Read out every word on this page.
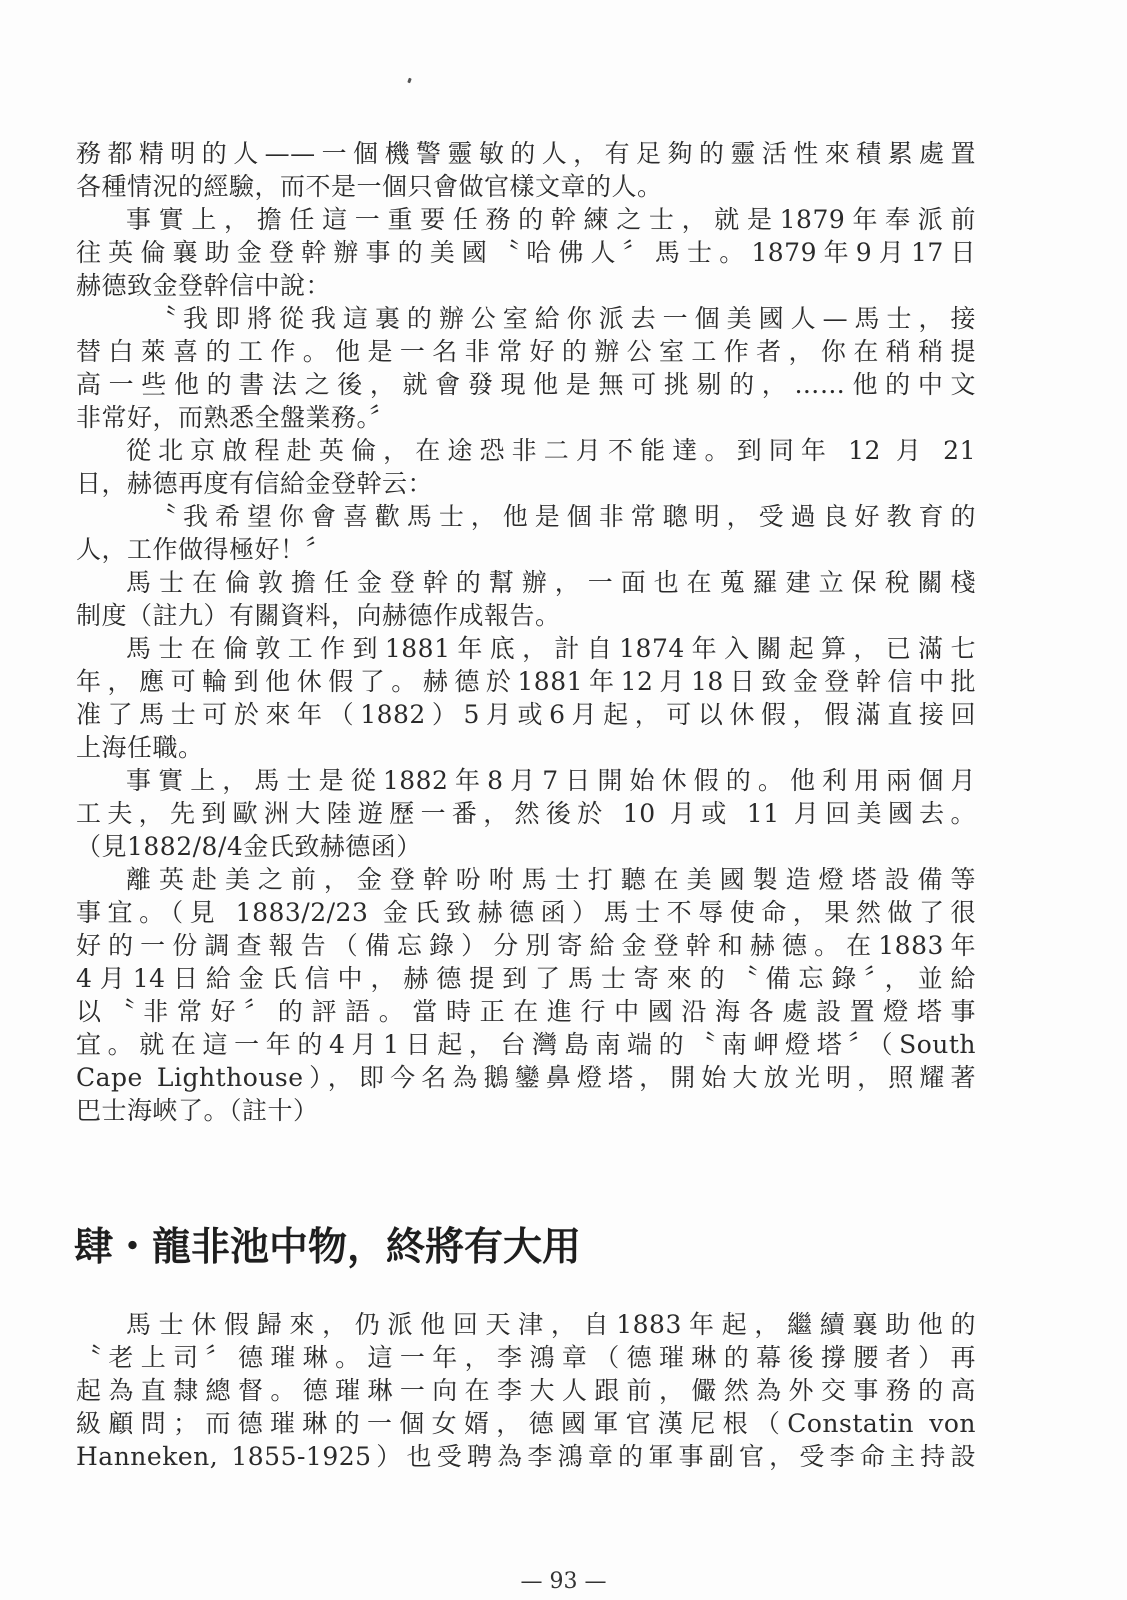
務都精明的人——一個機警靈敏的人，有足夠的靈活性來積累處置
各種情況的經驗，而不是一個只會做官樣文章的人。
事實上，擔任這一重要任務的幹練之士，就是1879年奉派前
往英倫襄助金登幹辦事的美國〝哈佛人〞馬士。1879年9月17日
赫德致金登幹信中說：
〝我即將從我這裏的辦公室給你派去一個美國人—馬士，接
替白萊喜的工作。他是一名非常好的辦公室工作者，你在稍稍提
高一些他的書法之後，就會發現他是無可挑剔的，……他的中文
非常好，而熟悉全盤業務。〞
從北京啟程赴英倫，在途恐非二月不能達。到同年 12 月 21
日，赫德再度有信給金登幹云：
〝我希望你會喜歡馬士，他是個非常聰明，受過良好教育的
人，工作做得極好！〞
馬士在倫敦擔任金登幹的幫辦，一面也在蒐羅建立保稅關棧
制度（註九）有關資料，向赫德作成報告。
馬士在倫敦工作到1881年底，計自1874年入關起算，已滿七
年，應可輪到他休假了。赫德於1881年12月18日致金登幹信中批
准了馬士可於來年（1882）5月或6月起，可以休假，假滿直接回
上海任職。
事實上，馬士是從1882年8月7日開始休假的。他利用兩個月
工夫，先到歐洲大陸遊歷一番，然後於 10 月或 11 月回美國去。
（見1882/8/4金氏致赫德函）
離英赴美之前，金登幹吩咐馬士打聽在美國製造燈塔設備等
事宜。（見 1883/2/23 金氏致赫德函）馬士不辱使命，果然做了很
好的一份調查報告（備忘錄）分別寄給金登幹和赫德。在1883年
4月14日給金氏信中，赫德提到了馬士寄來的〝備忘錄〞，並給
以〝非常好〞的評語。當時正在進行中國沿海各處設置燈塔事
宜。就在這一年的4月1日起，台灣島南端的〝南岬燈塔〞（South
Cape Lighthouse），即今名為鵝鑾鼻燈塔，開始大放光明，照耀著
巴士海峽了。（註十）
肆・龍非池中物，終將有大用
馬士休假歸來，仍派他回天津，自1883年起，繼續襄助他的
〝老上司〞德璀琳。這一年，李鴻章（德璀琳的幕後撐腰者）再
起為直隸總督。德璀琳一向在李大人跟前，儼然為外交事務的高
級顧問；而德璀琳的一個女婿，德國軍官漢尼根（Constatin von
Hanneken, 1855-1925）也受聘為李鴻章的軍事副官，受李命主持設
— 93 —
